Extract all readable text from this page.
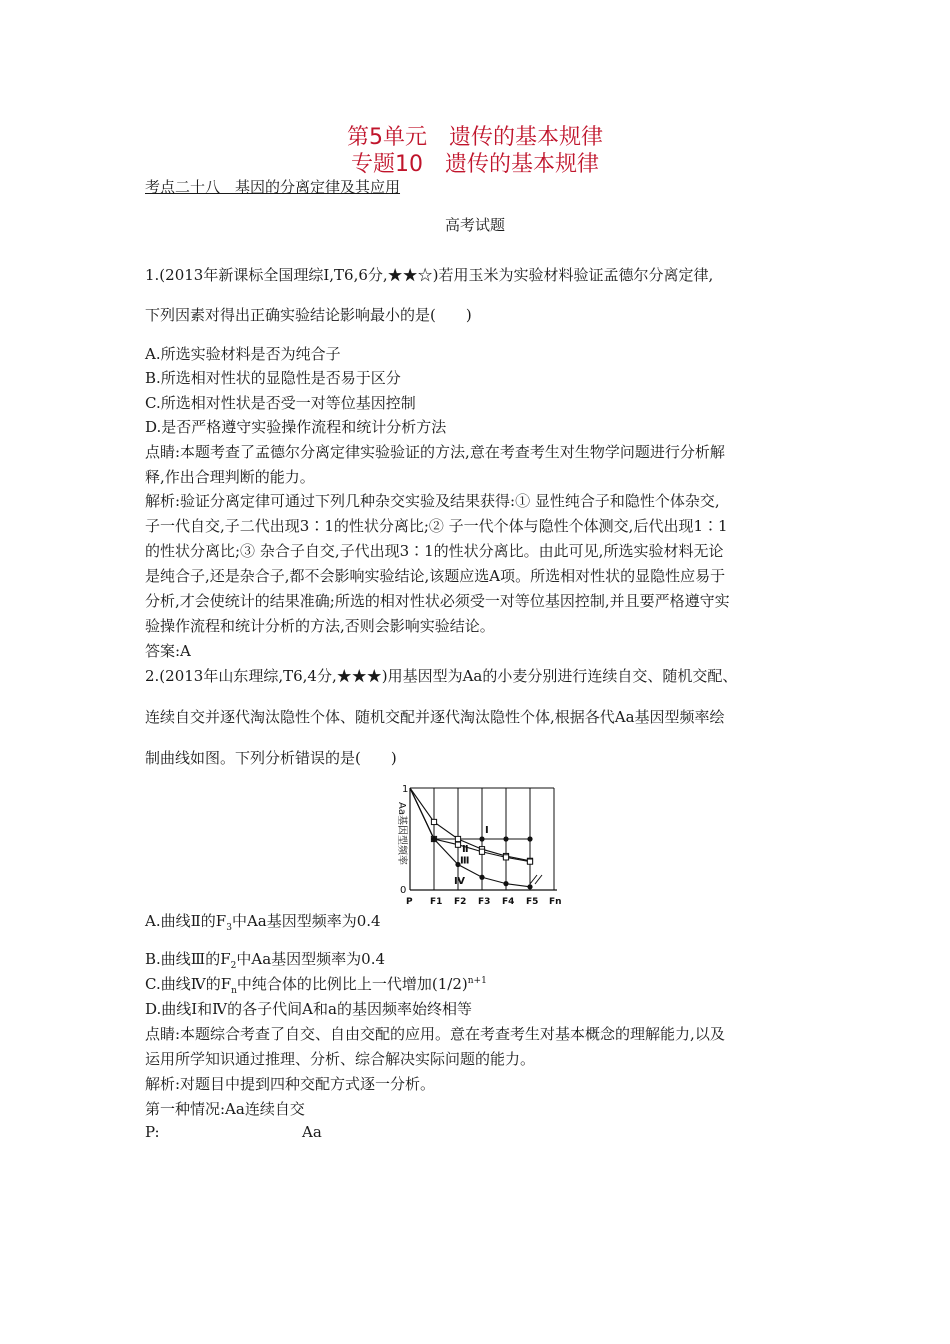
第5单元　遗传的基本规律
专题10　遗传的基本规律
考点二十八　基因的分离定律及其应用
高考试题
1.(2013年新课标全国理综Ⅰ,T6,6分,★★☆)若用玉米为实验材料验证孟德尔分离定律,
下列因素对得出正确实验结论影响最小的是(　　)
A.所选实验材料是否为纯合子
B.所选相对性状的显隐性是否易于区分
C.所选相对性状是否受一对等位基因控制
D.是否严格遵守实验操作流程和统计分析方法
点睛:本题考查了孟德尔分离定律实验验证的方法,意在考查考生对生物学问题进行分析解
释,作出合理判断的能力。
解析:验证分离定律可通过下列几种杂交实验及结果获得:① 显性纯合子和隐性个体杂交,
子一代自交,子二代出现3∶1的性状分离比;② 子一代个体与隐性个体测交,后代出现1∶1
的性状分离比;③ 杂合子自交,子代出现3∶1的性状分离比。由此可见,所选实验材料无论
是纯合子,还是杂合子,都不会影响实验结论,该题应选A项。所选相对性状的显隐性应易于
分析,才会使统计的结果准确;所选的相对性状必须受一对等位基因控制,并且要严格遵守实
验操作流程和统计分析的方法,否则会影响实验结论。
答案:A
2.(2013年山东理综,T6,4分,★★★)用基因型为Aa的小麦分别进行连续自交、随机交配、
连续自交并逐代淘汰隐性个体、随机交配并逐代淘汰隐性个体,根据各代Aa基因型频率绘
制曲线如图。下列分析错误的是(　　)
1
0
Aa基因型频率	Ⅰ
Ⅱ
Ⅲ
Ⅳ
P F1 F2 F3 F4 F5 Fn
A.曲线Ⅱ的$F_3$中Aa基因型频率为0.4
B.曲线Ⅲ的$F_2$中Aa基因型频率为0.4
C.曲线Ⅳ的$F_n$中纯合体的比例比上一代增加$(1/2)^{n+1}$
D.曲线Ⅰ和Ⅳ的各子代间A和a的基因频率始终相等
点睛:本题综合考查了自交、自由交配的应用。意在考查考生对基本概念的理解能力,以及
运用所学知识通过推理、分析、综合解决实际问题的能力。
解析:对题目中提到四种交配方式逐一分析。
第一种情况:Aa连续自交
P:	Aa
